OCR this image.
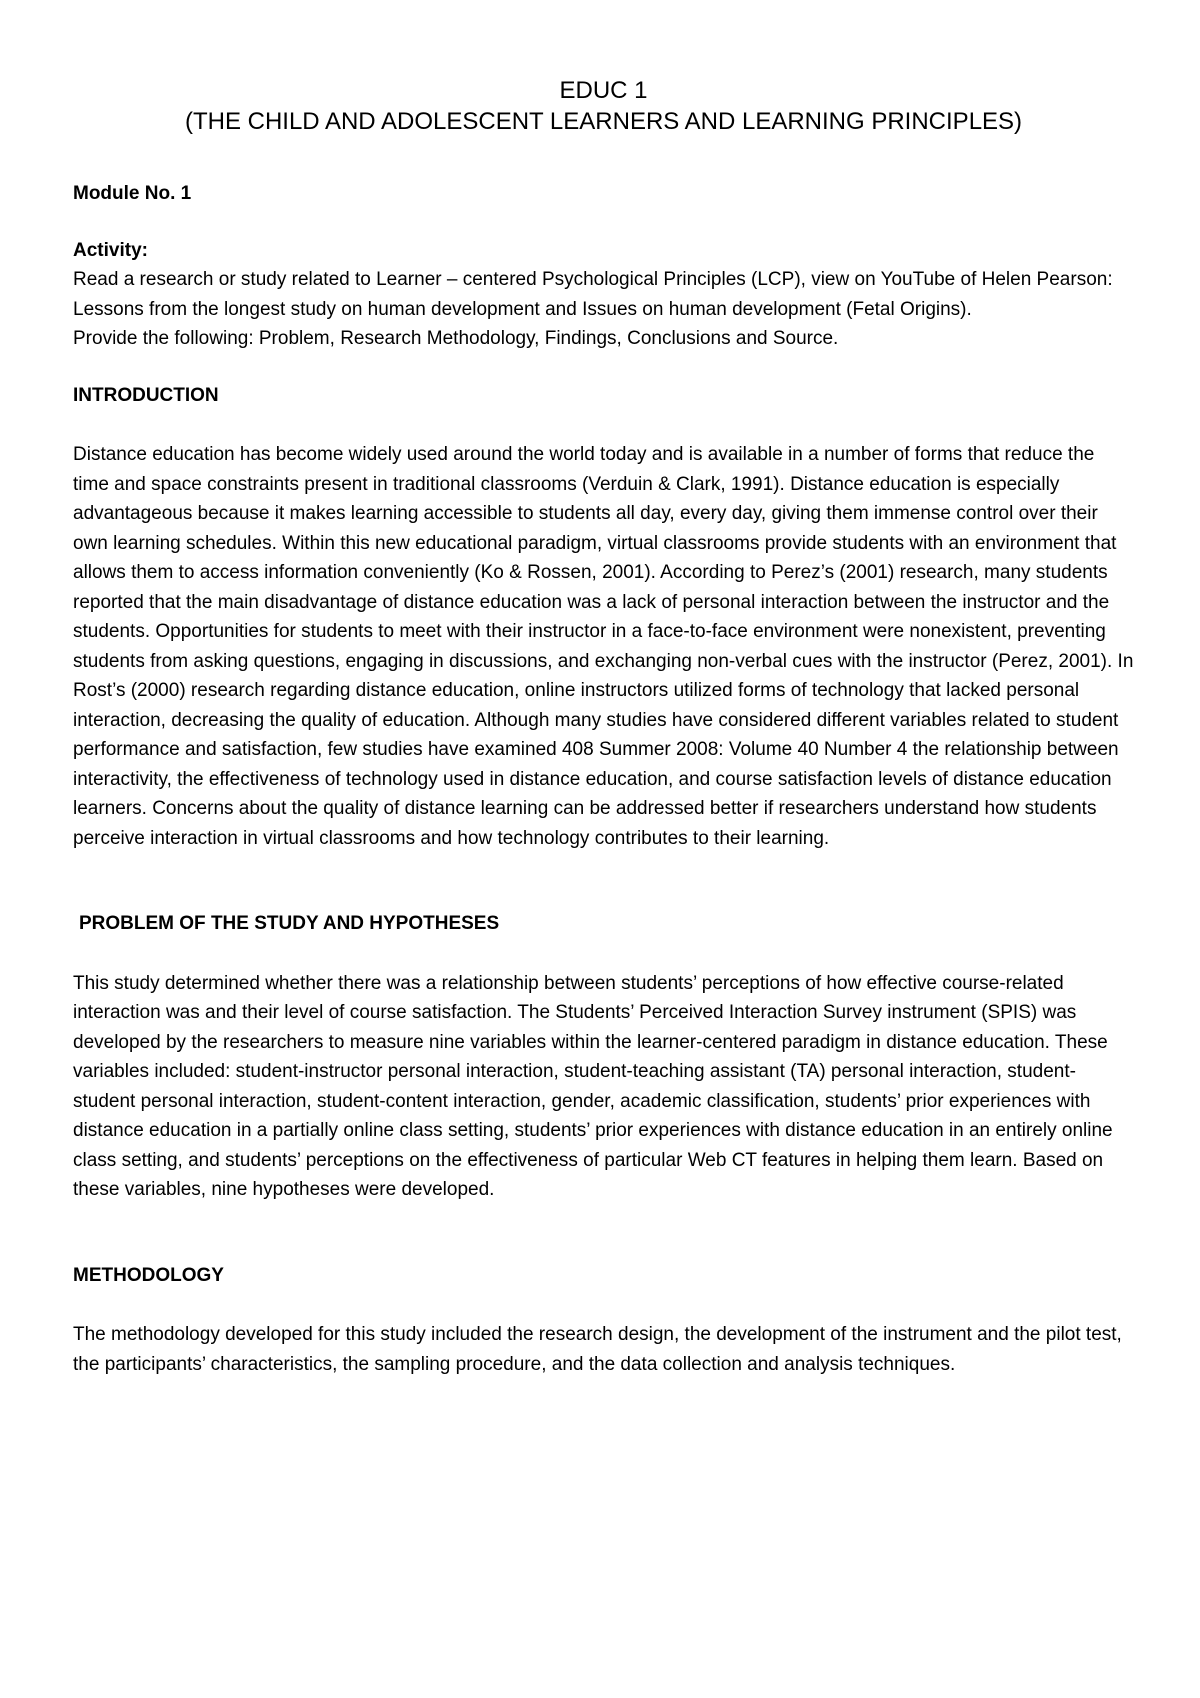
EDUC 1
(THE CHILD AND ADOLESCENT LEARNERS AND LEARNING PRINCIPLES)

Module No. 1

Activity:

Read a research or study related to Learner – centered Psychological Principles (LCP), view on YouTube of Helen Pearson: Lessons from the longest study on human development and Issues on human development (Fetal Origins).

Provide the following: Problem, Research Methodology, Findings, Conclusions and Source.

INTRODUCTION

Distance education has become widely used around the world today and is available in a number of forms that reduce the time and space constraints present in traditional classrooms (Verduin & Clark, 1991). Distance education is especially advantageous because it makes learning accessible to students all day, every day, giving them immense control over their own learning schedules. Within this new educational paradigm, virtual classrooms provide students with an environment that allows them to access information conveniently (Ko & Rossen, 2001). According to Perez’s (2001) research, many students reported that the main disadvantage of distance education was a lack of personal interaction between the instructor and the students. Opportunities for students to meet with their instructor in a face-to-face environment were nonexistent, preventing students from asking questions, engaging in discussions, and exchanging non-verbal cues with the instructor (Perez, 2001). In Rost’s (2000) research regarding distance education, online instructors utilized forms of technology that lacked personal interaction, decreasing the quality of education. Although many studies have considered different variables related to student performance and satisfaction, few studies have examined 408 Summer 2008: Volume 40 Number 4 the relationship between interactivity, the effectiveness of technology used in distance education, and course satisfaction levels of distance education learners. Concerns about the quality of distance learning can be addressed better if researchers understand how students perceive interaction in virtual classrooms and how technology contributes to their learning.

PROBLEM OF THE STUDY AND HYPOTHESES

This study determined whether there was a relationship between students’ perceptions of how effective course-related interaction was and their level of course satisfaction. The Students’ Perceived Interaction Survey instrument (SPIS) was developed by the researchers to measure nine variables within the learner-centered paradigm in distance education. These variables included: student-instructor personal interaction, student-teaching assistant (TA) personal interaction, student-student personal interaction, student-content interaction, gender, academic classification, students’ prior experiences with distance education in a partially online class setting, students’ prior experiences with distance education in an entirely online class setting, and students’ perceptions on the effectiveness of particular Web CT features in helping them learn. Based on these variables, nine hypotheses were developed.

METHODOLOGY

The methodology developed for this study included the research design, the development of the instrument and the pilot test, the participants’ characteristics, the sampling procedure, and the data collection and analysis techniques.
